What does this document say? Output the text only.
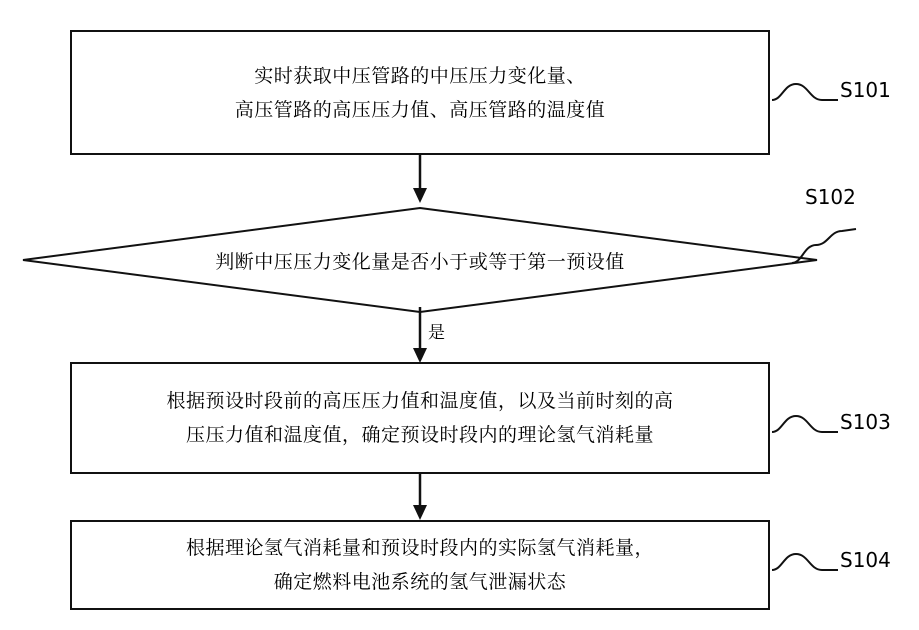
实时获取中压管路的中压压力变化量、
高压管路的高压压力值、高压管路的温度值
S101
判断中压压力变化量是否小于或等于第一预设值
S102
是
根据预设时段前的高压压力值和温度值，以及当前时刻的高
压压力值和温度值，确定预设时段内的理论氢气消耗量
S103
根据理论氢气消耗量和预设时段内的实际氢气消耗量，
确定燃料电池系统的氢气泄漏状态
S104
